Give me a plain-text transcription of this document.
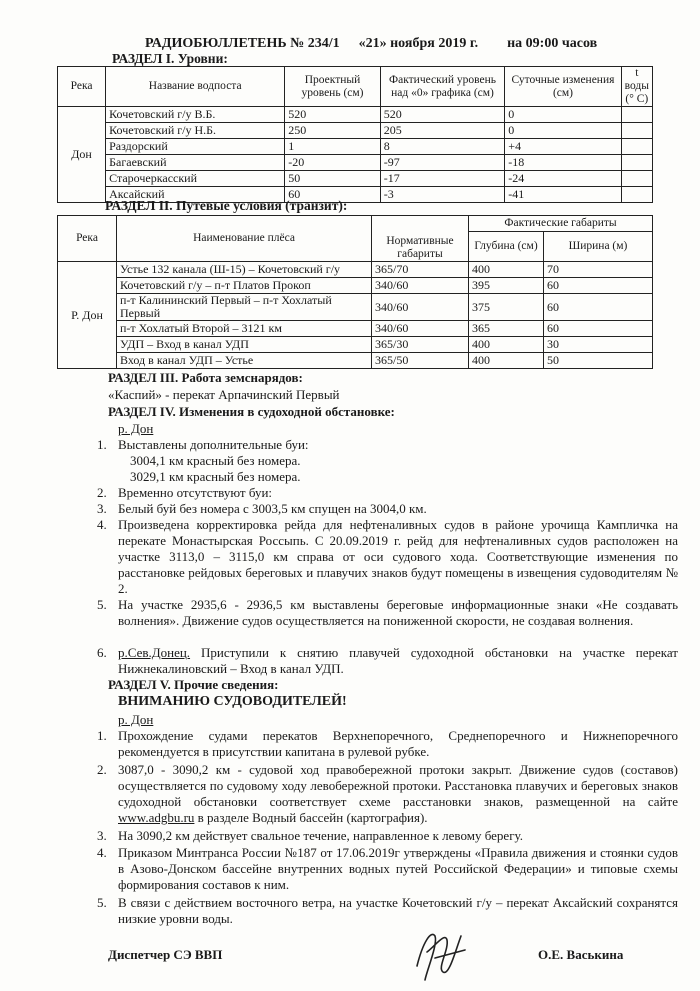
РАДИОБЮЛЛЕТЕНЬ № 234/1 «21» ноября 2019 г. на 09:00 часов
РАЗДЕЛ I. Уровни:
Река	Название водпоста	Проектный уровень (см)	Фактический уровень над «0» графика (см)	Суточные изменения (см)	t воды (° С)
Дон	Кочетовский г/у В.Б.	520	520	0	
	Кочетовский г/у Н.Б.	250	205	0	
	Раздорский	1	8	+4	
	Багаевский	-20	-97	-18	
	Старочеркасский	50	-17	-24	
	Аксайский	60	-3	-41	
РАЗДЕЛ II. Путевые условия (транзит):
Река	Наименование плёса	Нормативные габариты	Фактические габариты	
			Глубина (см)	Ширина (м)
Р. Дон	Устье 132 канала (Ш-15) – Кочетовский г/у	365/70	400	70
	Кочетовский г/у – п-т Платов Прокоп	340/60	395	60
	п-т Калининский Первый – п-т Хохлатый Первый	340/60	375	60
	п-т Хохлатый Второй – 3121 км	340/60	365	60
	УДП – Вход в канал УДП	365/30	400	30
	Вход в канал УДП – Устье	365/50	400	50
РАЗДЕЛ III. Работа земснарядов:
«Каспий» - перекат Арпачинский Первый
РАЗДЕЛ IV. Изменения в судоходной обстановке:
р. Дон
1. Выставлены дополнительные буи:
3004,1 км красный без номера.
3029,1 км красный без номера.
2. Временно отсутствуют буи:
3. Белый буй без номера с 3003,5 км спущен на 3004,0 км.
4. Произведена корректировка рейда для нефтеналивных судов в районе урочища Кампличка на перекате Монастырская Россыпь. С 20.09.2019 г. рейд для нефтеналивных судов расположен на участке 3113,0 – 3115,0 км справа от оси судового хода. Соответствующие изменения по расстановке рейдовых береговых и плавучих знаков будут помещены в извещения судоводителям № 2.
5. На участке 2935,6 - 2936,5 км выставлены береговые информационные знаки «Не создавать волнения». Движение судов осуществляется на пониженной скорости, не создавая волнения.
6. р.Сев.Донец. Приступили к снятию плавучей судоходной обстановки на участке перекат Нижнекалиновский – Вход в канал УДП.
РАЗДЕЛ V. Прочие сведения:
ВНИМАНИЮ СУДОВОДИТЕЛЕЙ!
р. Дон
1. Прохождение судами перекатов Верхнепоречного, Среднепоречного и Нижнепоречного рекомендуется в присутствии капитана в рулевой рубке.
2. 3087,0 - 3090,2 км - судовой ход правобережной протоки закрыт. Движение судов (составов) осуществляется по судовому ходу левобережной протоки. Расстановка плавучих и береговых знаков судоходной обстановки соответствует схеме расстановки знаков, размещенной на сайте www.adgbu.ru в разделе Водный бассейн (картография).
3. На 3090,2 км действует свальное течение, направленное к левому берегу.
4. Приказом Минтранса России №187 от 17.06.2019г утверждены «Правила движения и стоянки судов в Азово-Донском бассейне внутренних водных путей Российской Федерации» и типовые схемы формирования составов к ним.
5. В связи с действием восточного ветра, на участке Кочетовский г/у – перекат Аксайский сохранятся низкие уровни воды.
Диспетчер СЭ ВВП	О.Е. Васькина
